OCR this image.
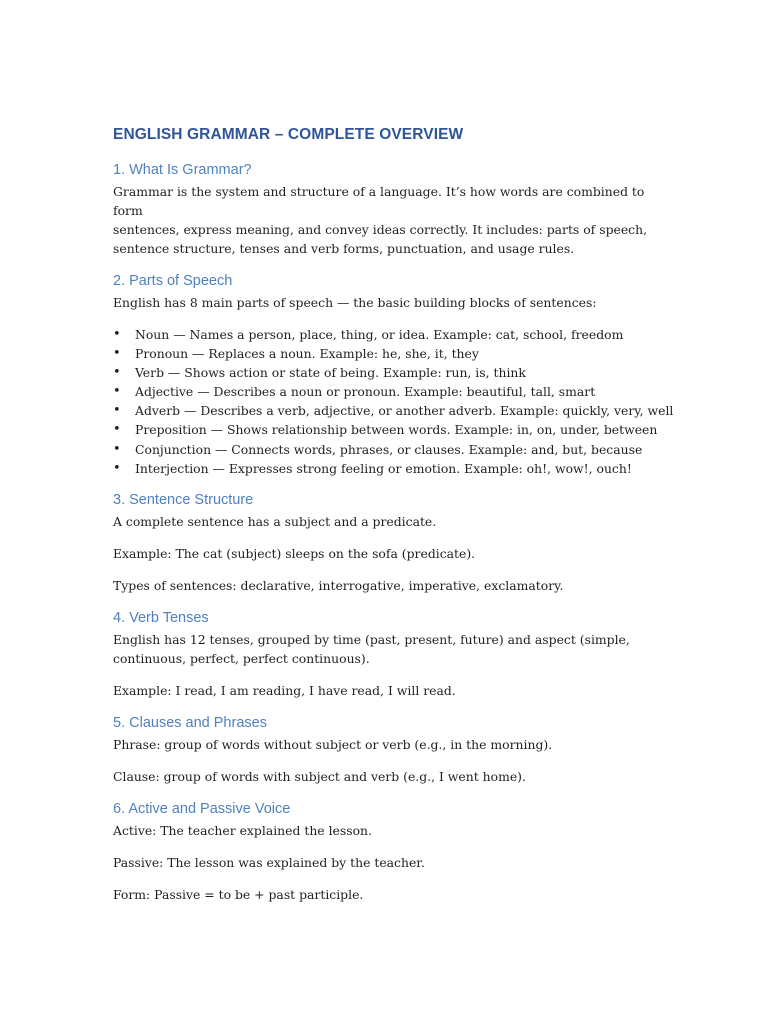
ENGLISH GRAMMAR – COMPLETE OVERVIEW
1. What Is Grammar?

Grammar is the system and structure of a language. It’s how words are combined to form
sentences, express meaning, and convey ideas correctly. It includes: parts of speech,
sentence structure, tenses and verb forms, punctuation, and usage rules.

2. Parts of Speech

English has 8 main parts of speech — the basic building blocks of sentences:

• Noun — Names a person, place, thing, or idea. Example: cat, school, freedom
• Pronoun — Replaces a noun. Example: he, she, it, they
• Verb — Shows action or state of being. Example: run, is, think
• Adjective — Describes a noun or pronoun. Example: beautiful, tall, smart
• Adverb — Describes a verb, adjective, or another adverb. Example: quickly, very, well
• Preposition — Shows relationship between words. Example: in, on, under, between
• Conjunction — Connects words, phrases, or clauses. Example: and, but, because
• Interjection — Expresses strong feeling or emotion. Example: oh!, wow!, ouch!
3. Sentence Structure

A complete sentence has a subject and a predicate.

Example: The cat (subject) sleeps on the sofa (predicate).

Types of sentences: declarative, interrogative, imperative, exclamatory.

4. Verb Tenses

English has 12 tenses, grouped by time (past, present, future) and aspect (simple,
continuous, perfect, perfect continuous).

Example: I read, I am reading, I have read, I will read.

5. Clauses and Phrases

Phrase: group of words without subject or verb (e.g., in the morning).

Clause: group of words with subject and verb (e.g., I went home).

6. Active and Passive Voice

Active: The teacher explained the lesson.

Passive: The lesson was explained by the teacher.

Form: Passive = to be + past participle.
